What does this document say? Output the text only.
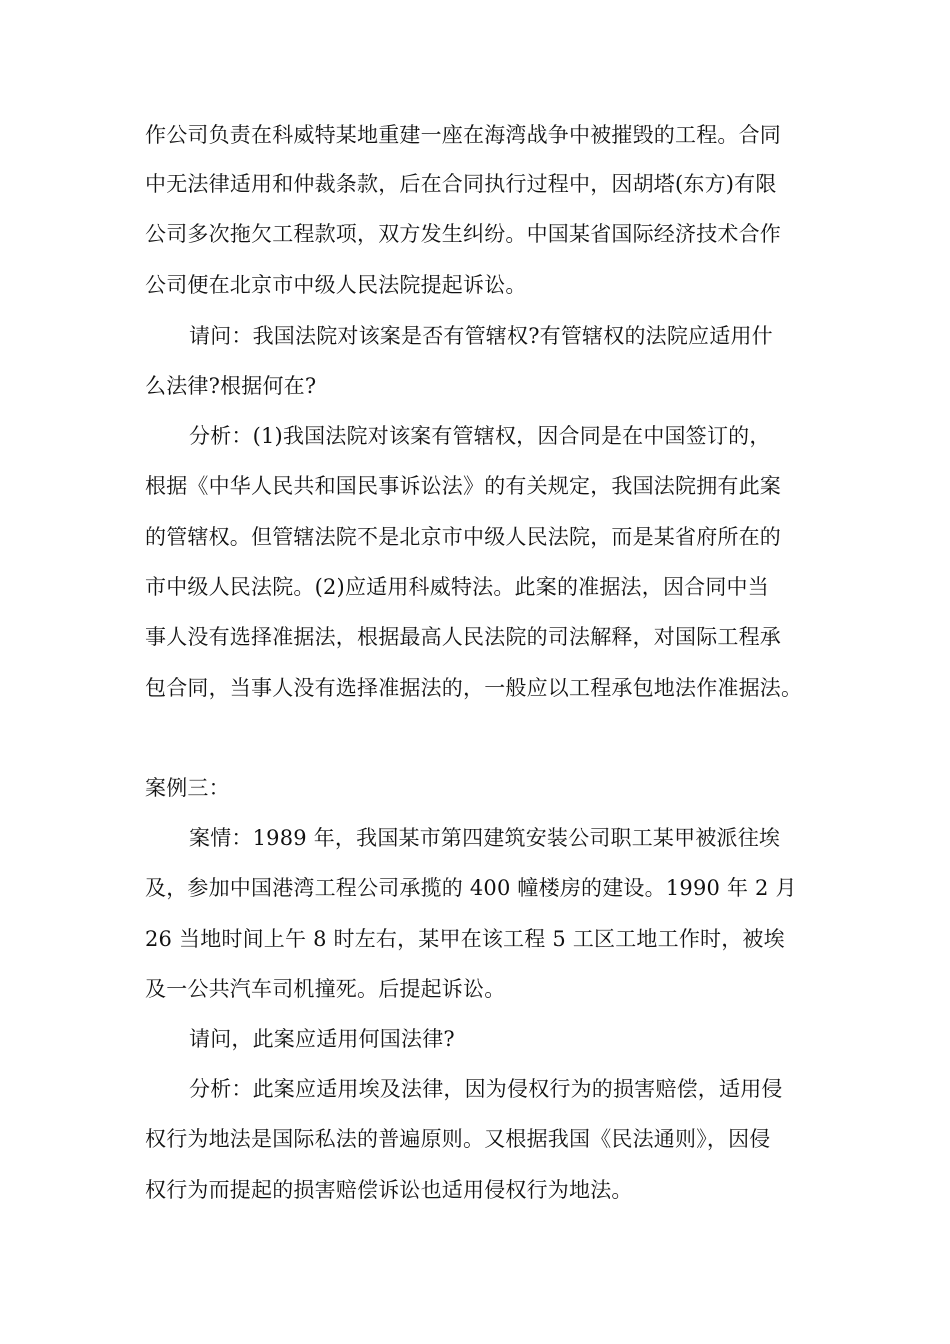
作公司负责在科威特某地重建一座在海湾战争中被摧毁的工程。合同
中无法律适用和仲裁条款，后在合同执行过程中，因胡塔(东方)有限
公司多次拖欠工程款项，双方发生纠纷。中国某省国际经济技术合作
公司便在北京市中级人民法院提起诉讼。
请问：我国法院对该案是否有管辖权?有管辖权的法院应适用什
么法律?根据何在?
分析：(1)我国法院对该案有管辖权，因合同是在中国签订的，
根据《中华人民共和国民事诉讼法》的有关规定，我国法院拥有此案
的管辖权。但管辖法院不是北京市中级人民法院，而是某省府所在的
市中级人民法院。(2)应适用科威特法。此案的准据法，因合同中当
事人没有选择准据法，根据最高人民法院的司法解释，对国际工程承
包合同，当事人没有选择准据法的，一般应以工程承包地法作准据法。
案例三：
案情：1989 年，我国某市第四建筑安装公司职工某甲被派往埃
及，参加中国港湾工程公司承揽的 400 幢楼房的建设。1990 年 2 月
26 当地时间上午 8 时左右，某甲在该工程 5 工区工地工作时，被埃
及一公共汽车司机撞死。后提起诉讼。
请问，此案应适用何国法律?
分析：此案应适用埃及法律，因为侵权行为的损害赔偿，适用侵
权行为地法是国际私法的普遍原则。又根据我国《民法通则》，因侵
权行为而提起的损害赔偿诉讼也适用侵权行为地法。
